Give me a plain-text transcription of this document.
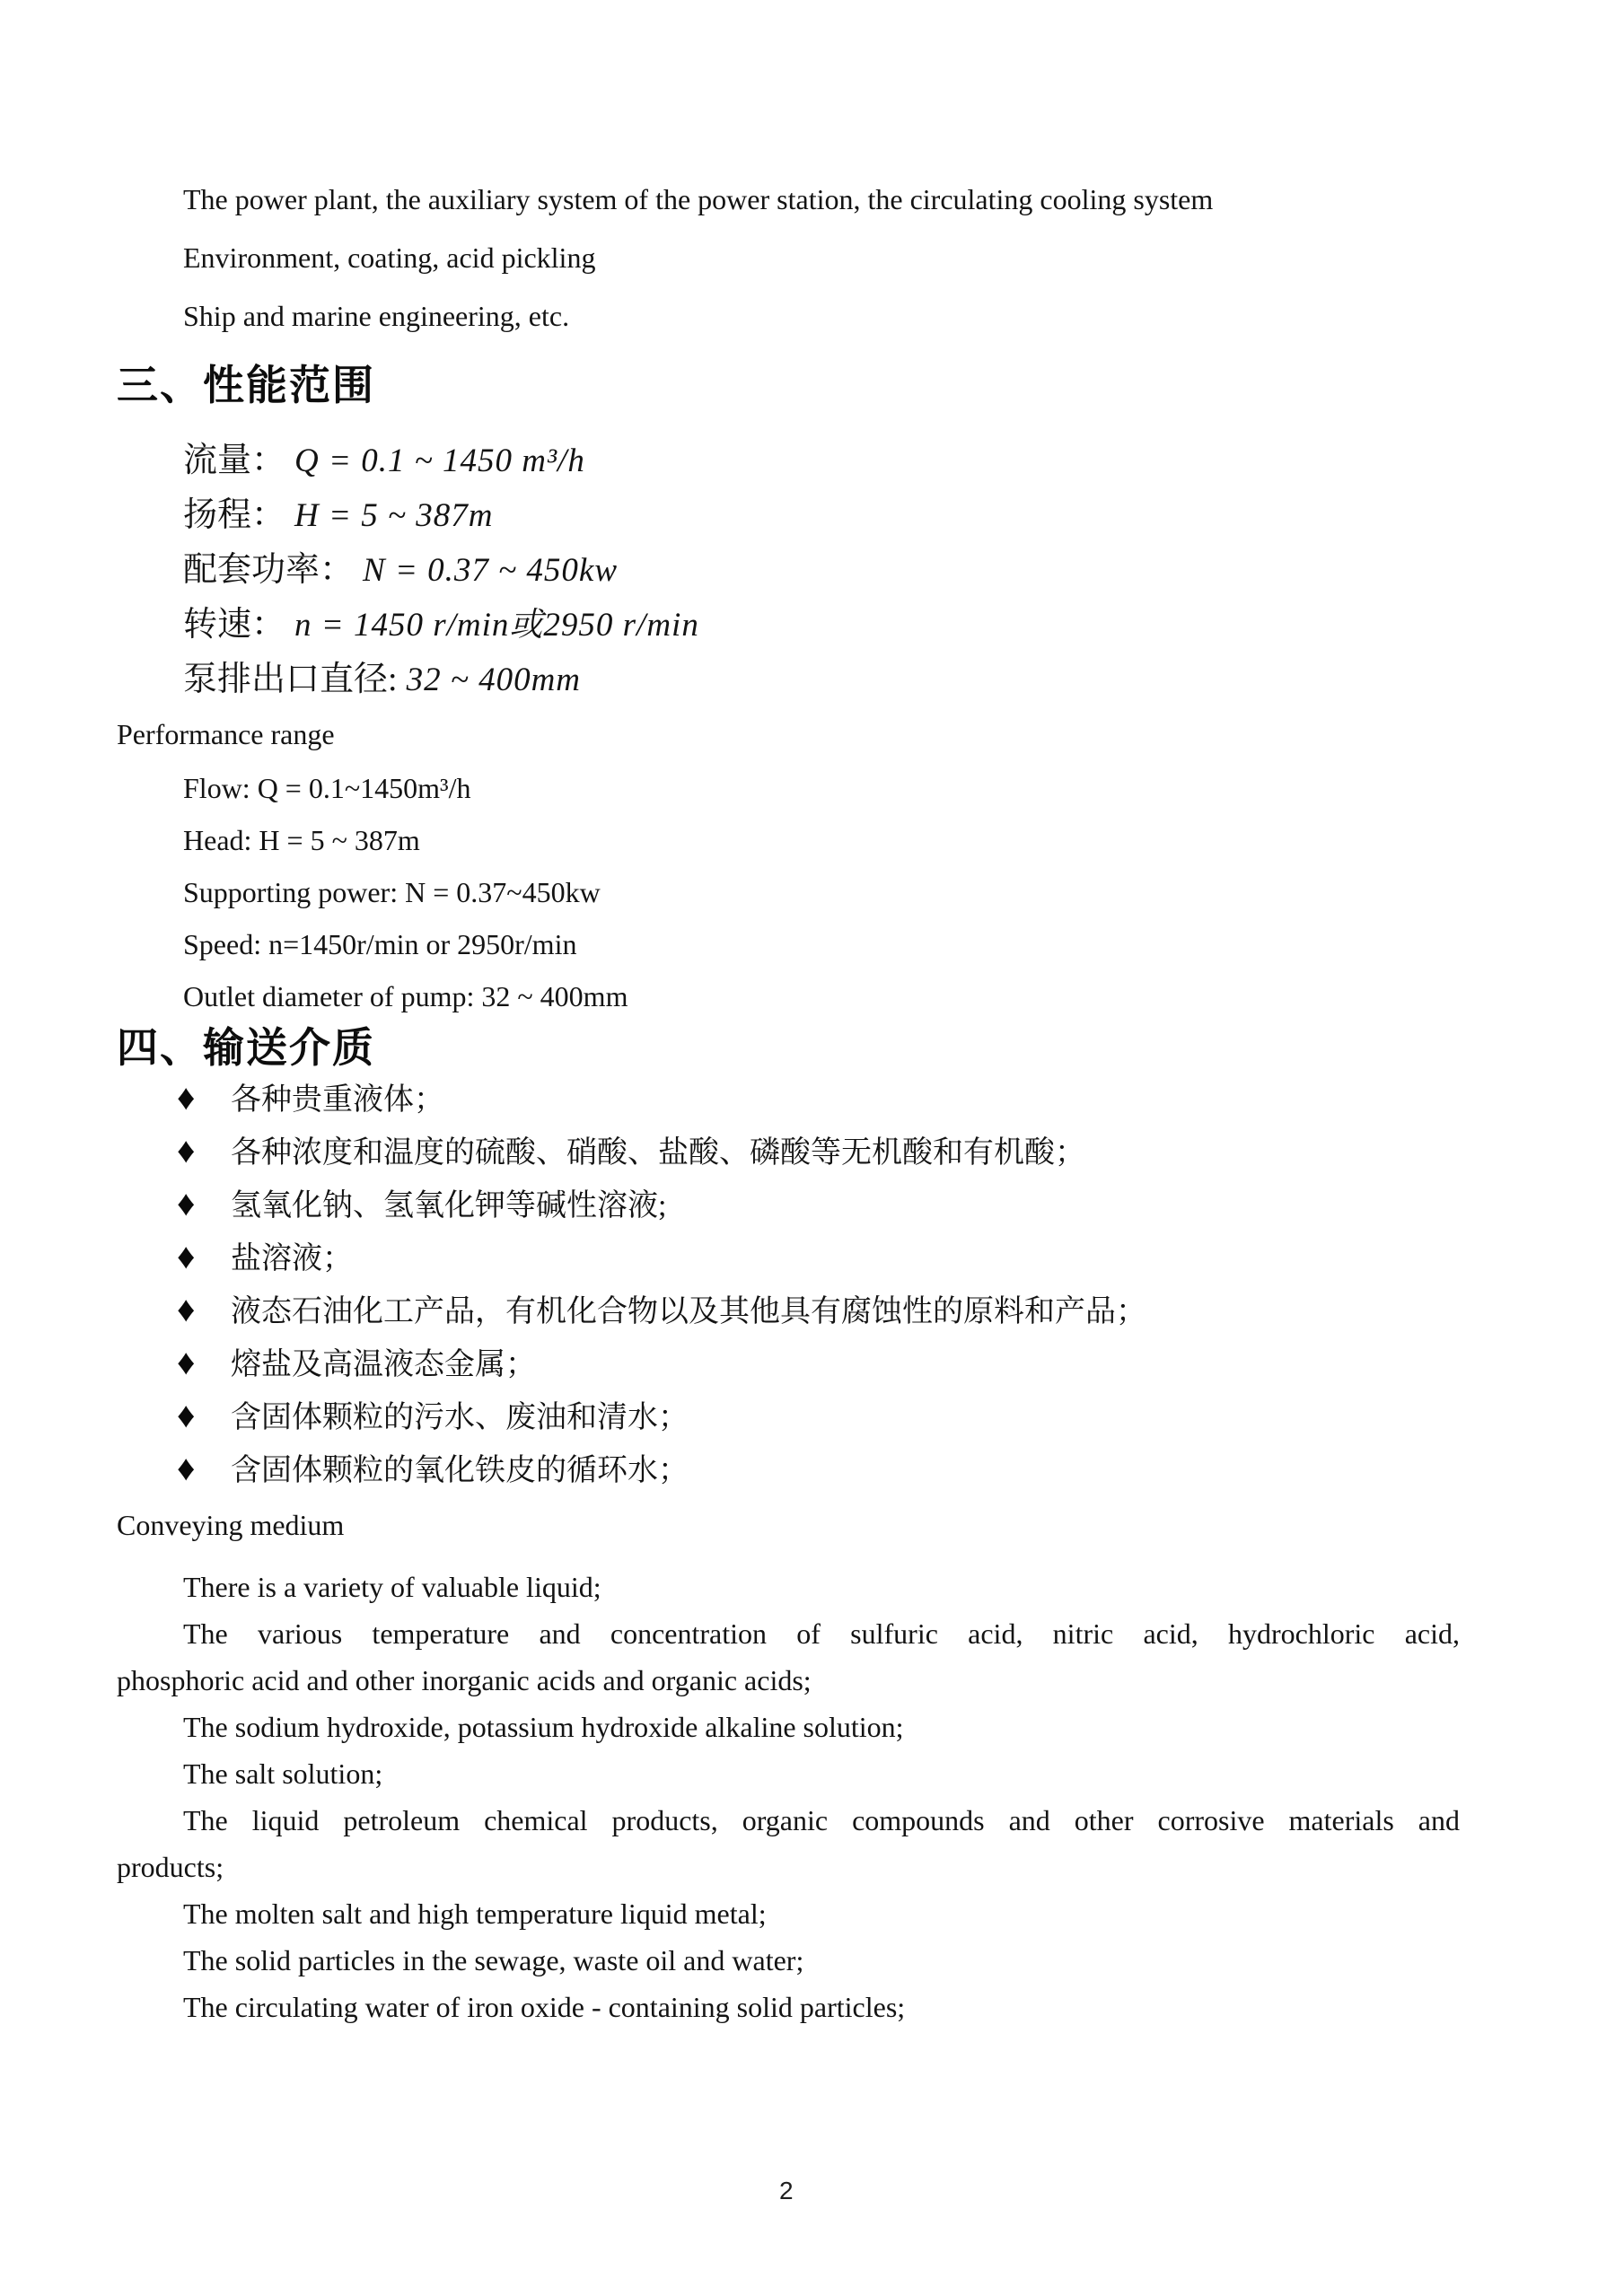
The power plant, the auxiliary system of the power station, the circulating cooling system
Environment, coating, acid pickling
Ship and marine engineering, etc.
三、性能范围
流量： Q = 0.1 ~ 1450 m³/h
扬程： H = 5 ~ 387m
配套功率： N = 0.37 ~ 450kw
转速： n = 1450 r/min或2950 r/min
泵排出口直径: 32 ~ 400mm
Performance range
Flow: Q = 0.1~1450m³/h
Head: H = 5 ~ 387m
Supporting power: N = 0.37~450kw
Speed: n=1450r/min or 2950r/min
Outlet diameter of pump: 32 ~ 400mm
四、输送介质
♦ 各种贵重液体；
♦ 各种浓度和温度的硫酸、硝酸、盐酸、磷酸等无机酸和有机酸；
♦ 氢氧化钠、氢氧化钾等碱性溶液;
♦ 盐溶液；
♦ 液态石油化工产品，有机化合物以及其他具有腐蚀性的原料和产品；
♦ 熔盐及高温液态金属；
♦ 含固体颗粒的污水、废油和清水；
♦ 含固体颗粒的氧化铁皮的循环水；
Conveying medium
There is a variety of valuable liquid;
The various temperature and concentration of sulfuric acid, nitric acid, hydrochloric acid,
phosphoric acid and other inorganic acids and organic acids;
The sodium hydroxide, potassium hydroxide alkaline solution;
The salt solution;
The liquid petroleum chemical products, organic compounds and other corrosive materials and
products;
The molten salt and high temperature liquid metal;
The solid particles in the sewage, waste oil and water;
The circulating water of iron oxide - containing solid particles;
2
